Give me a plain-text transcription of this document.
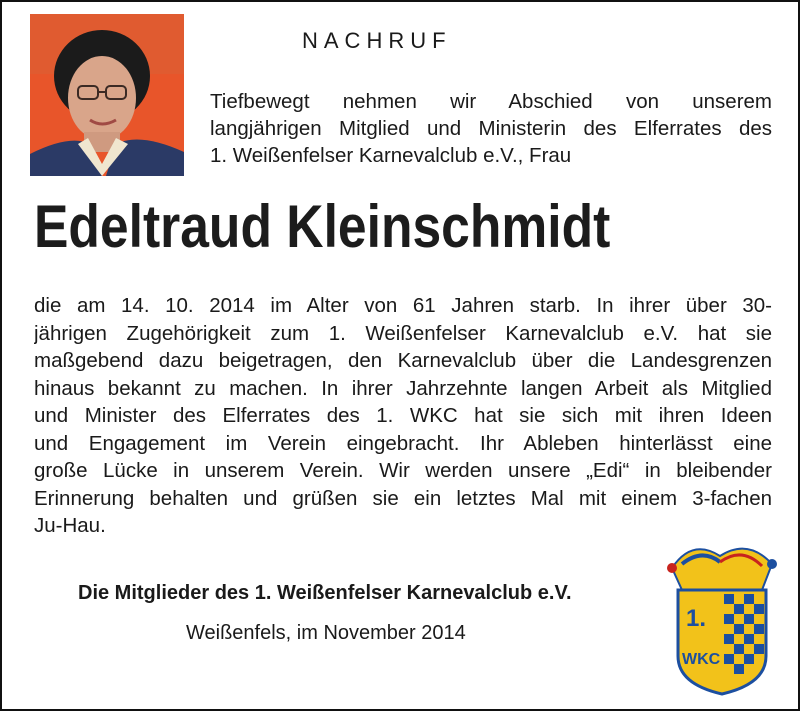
NACHRUF
Tiefbewegt nehmen wir Abschied von unserem
langjährigen Mitglied und Ministerin des Elferrates des
1. Weißenfelser Karnevalclub e.V., Frau
Edeltraud Kleinschmidt
die am 14. 10. 2014 im Alter von 61 Jahren starb. In ihrer über 30-
jährigen Zugehörigkeit zum 1. Weißenfelser Karnevalclub e.V. hat sie
maßgebend dazu beigetragen, den Karnevalclub über die Landesgrenzen
hinaus bekannt zu machen. In ihrer Jahrzehnte langen Arbeit als Mitglied
und Minister des Elferrates des 1. WKC hat sie sich mit ihren Ideen
und Engagement im Verein eingebracht. Ihr Ableben hinterlässt eine
große Lücke in unserem Verein. Wir werden unsere „Edi“ in bleibender
Erinnerung behalten und grüßen sie ein letztes Mal mit einem 3-fachen
Ju-Hau.
Die Mitglieder des 1. Weißenfelser Karnevalclub e.V.
Weißenfels, im November 2014
1.
WKC
